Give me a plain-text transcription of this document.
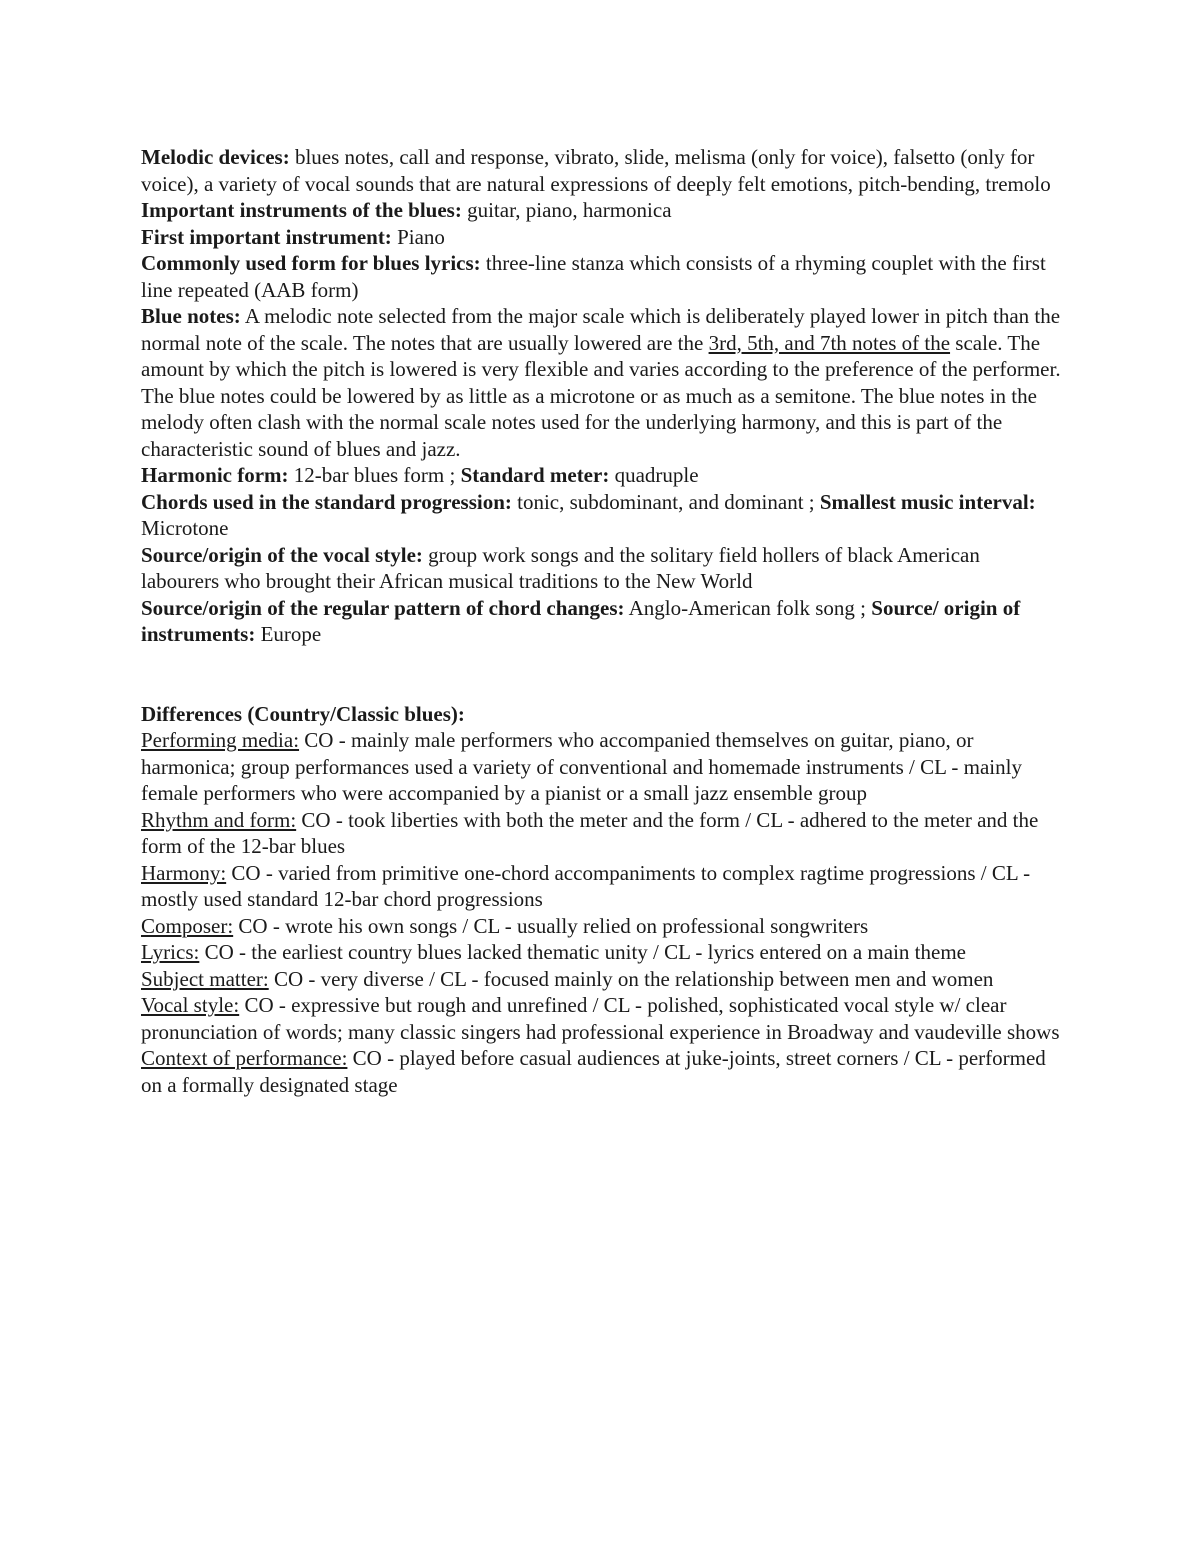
Melodic devices: blues notes, call and response, vibrato, slide, melisma (only for voice), falsetto (only for voice), a variety of vocal sounds that are natural expressions of deeply felt emotions, pitch-bending, tremolo

Important instruments of the blues: guitar, piano, harmonica

First important instrument: Piano

Commonly used form for blues lyrics: three-line stanza which consists of a rhyming couplet with the first line repeated (AAB form)

Blue notes: A melodic note selected from the major scale which is deliberately played lower in pitch than the normal note of the scale. The notes that are usually lowered are the 3rd, 5th, and 7th notes of the scale. The amount by which the pitch is lowered is very flexible and varies according to the preference of the performer. The blue notes could be lowered by as little as a microtone or as much as a semitone. The blue notes in the melody often clash with the normal scale notes used for the underlying harmony, and this is part of the characteristic sound of blues and jazz.

Harmonic form: 12-bar blues form ; Standard meter: quadruple

Chords used in the standard progression: tonic, subdominant, and dominant ; Smallest music interval: Microtone

Source/origin of the vocal style: group work songs and the solitary field hollers of black American labourers who brought their African musical traditions to the New World

Source/origin of the regular pattern of chord changes: Anglo-American folk song ; Source/ origin of instruments: Europe

Differences (Country/Classic blues):

Performing media: CO - mainly male performers who accompanied themselves on guitar, piano, or harmonica; group performances used a variety of conventional and homemade instruments / CL - mainly female performers who were accompanied by a pianist or a small jazz ensemble group

Rhythm and form: CO - took liberties with both the meter and the form / CL - adhered to the meter and the form of the 12-bar blues

Harmony: CO - varied from primitive one-chord accompaniments to complex ragtime progressions / CL - mostly used standard 12-bar chord progressions

Composer: CO - wrote his own songs / CL - usually relied on professional songwriters

Lyrics: CO - the earliest country blues lacked thematic unity / CL - lyrics entered on a main theme

Subject matter: CO - very diverse / CL - focused mainly on the relationship between men and women

Vocal style: CO - expressive but rough and unrefined / CL - polished, sophisticated vocal style w/ clear pronunciation of words; many classic singers had professional experience in Broadway and vaudeville shows

Context of performance: CO - played before casual audiences at juke-joints, street corners / CL - performed on a formally designated stage
